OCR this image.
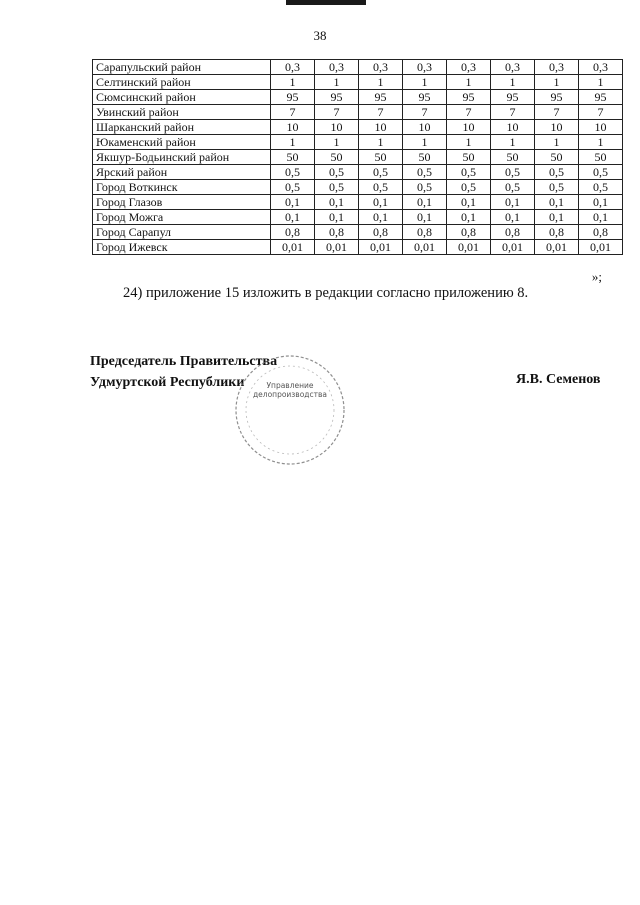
38
Сарапульский район	0,3	0,3	0,3	0,3	0,3	0,3	0,3	0,3
Селтинский район	1	1	1	1	1	1	1	1
Сюмсинский район	95	95	95	95	95	95	95	95
Увинский район	7	7	7	7	7	7	7	7
Шарканский район	10	10	10	10	10	10	10	10
Юкаменский район	1	1	1	1	1	1	1	1
Якшур-Бодьинский район	50	50	50	50	50	50	50	50
Ярский район	0,5	0,5	0,5	0,5	0,5	0,5	0,5	0,5
Город Воткинск	0,5	0,5	0,5	0,5	0,5	0,5	0,5	0,5
Город Глазов	0,1	0,1	0,1	0,1	0,1	0,1	0,1	0,1
Город Можга	0,1	0,1	0,1	0,1	0,1	0,1	0,1	0,1
Город Сарапул	0,8	0,8	0,8	0,8	0,8	0,8	0,8	0,8
Город Ижевск	0,01	0,01	0,01	0,01	0,01	0,01	0,01	0,01
»;
24) приложение 15 изложить в редакции согласно приложению 8.
Председатель Правительства
Удмуртской Республики	Управление
делопроизводства
Я.В. Семенов
